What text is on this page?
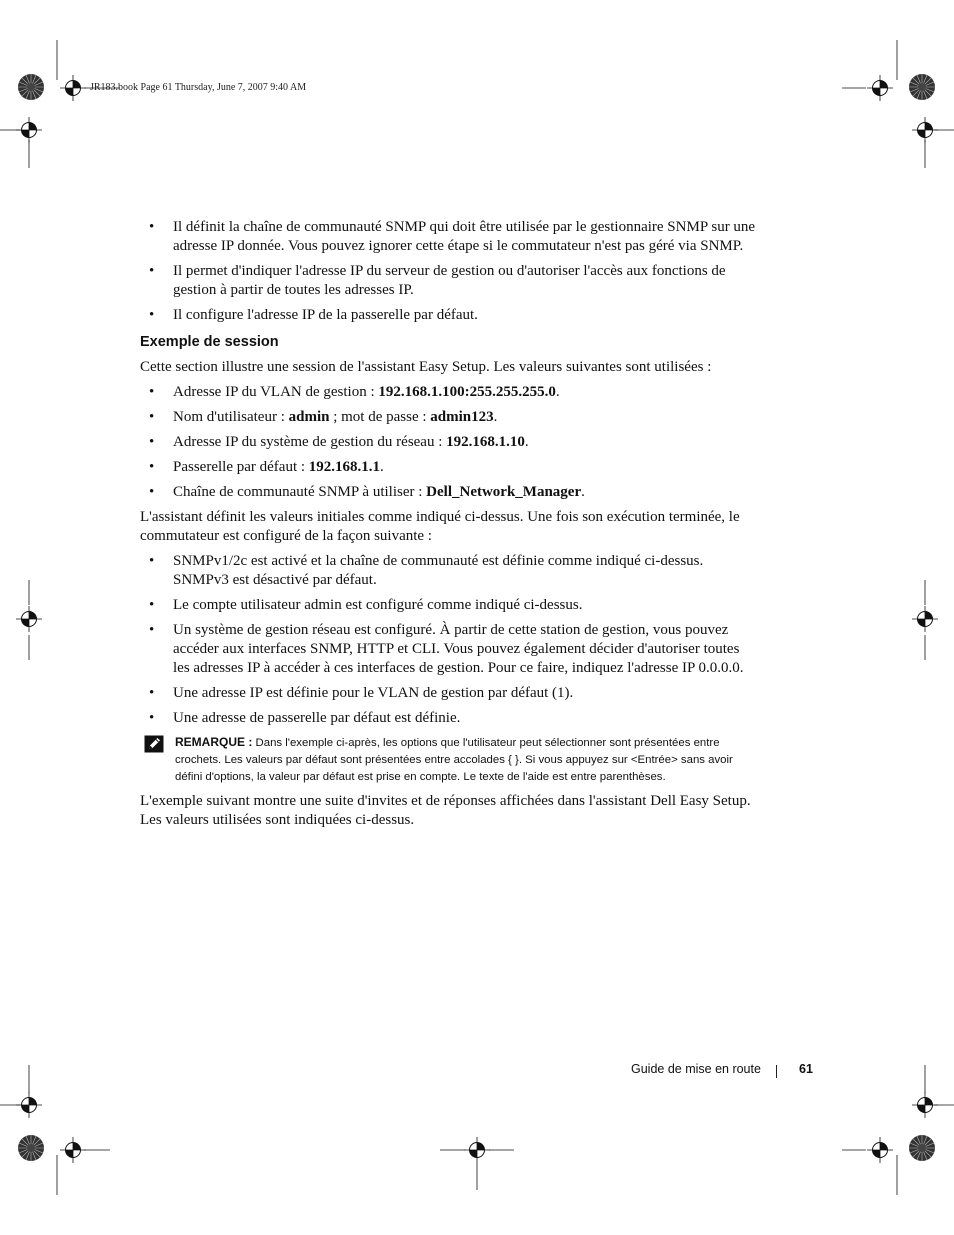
JR183.book Page 61 Thursday, June 7, 2007 9:40 AM
• Il définit la chaîne de communauté SNMP qui doit être utilisée par le gestionnaire SNMP sur une adresse IP donnée. Vous pouvez ignorer cette étape si le commutateur n'est pas géré via SNMP.
• Il permet d'indiquer l'adresse IP du serveur de gestion ou d'autoriser l'accès aux fonctions de gestion à partir de toutes les adresses IP.
• Il configure l'adresse IP de la passerelle par défaut.
Exemple de session

Cette section illustre une session de l'assistant Easy Setup. Les valeurs suivantes sont utilisées :

• Adresse IP du VLAN de gestion : 192.168.1.100:255.255.255.0.
• Nom d'utilisateur : admin ; mot de passe : admin123.
• Adresse IP du système de gestion du réseau : 192.168.1.10.
• Passerelle par défaut : 192.168.1.1.
• Chaîne de communauté SNMP à utiliser : Dell_Network_Manager.

L'assistant définit les valeurs initiales comme indiqué ci-dessus. Une fois son exécution terminée, le commutateur est configuré de la façon suivante :

• SNMPv1/2c est activé et la chaîne de communauté est définie comme indiqué ci-dessus. SNMPv3 est désactivé par défaut.
• Le compte utilisateur admin est configuré comme indiqué ci-dessus.
• Un système de gestion réseau est configuré. À partir de cette station de gestion, vous pouvez accéder aux interfaces SNMP, HTTP et CLI. Vous pouvez également décider d'autoriser toutes les adresses IP à accéder à ces interfaces de gestion. Pour ce faire, indiquez l'adresse IP 0.0.0.0.
• Une adresse IP est définie pour le VLAN de gestion par défaut (1).
• Une adresse de passerelle par défaut est définie.
REMARQUE : Dans l'exemple ci-après, les options que l'utilisateur peut sélectionner sont présentées entre crochets. Les valeurs par défaut sont présentées entre accolades { }. Si vous appuyez sur <Entrée> sans avoir défini d'options, la valeur par défaut est prise en compte. Le texte de l'aide est entre parenthèses.

L'exemple suivant montre une suite d'invites et de réponses affichées dans l'assistant Dell Easy Setup. Les valeurs utilisées sont indiquées ci-dessus.

Guide de mise en route	61
